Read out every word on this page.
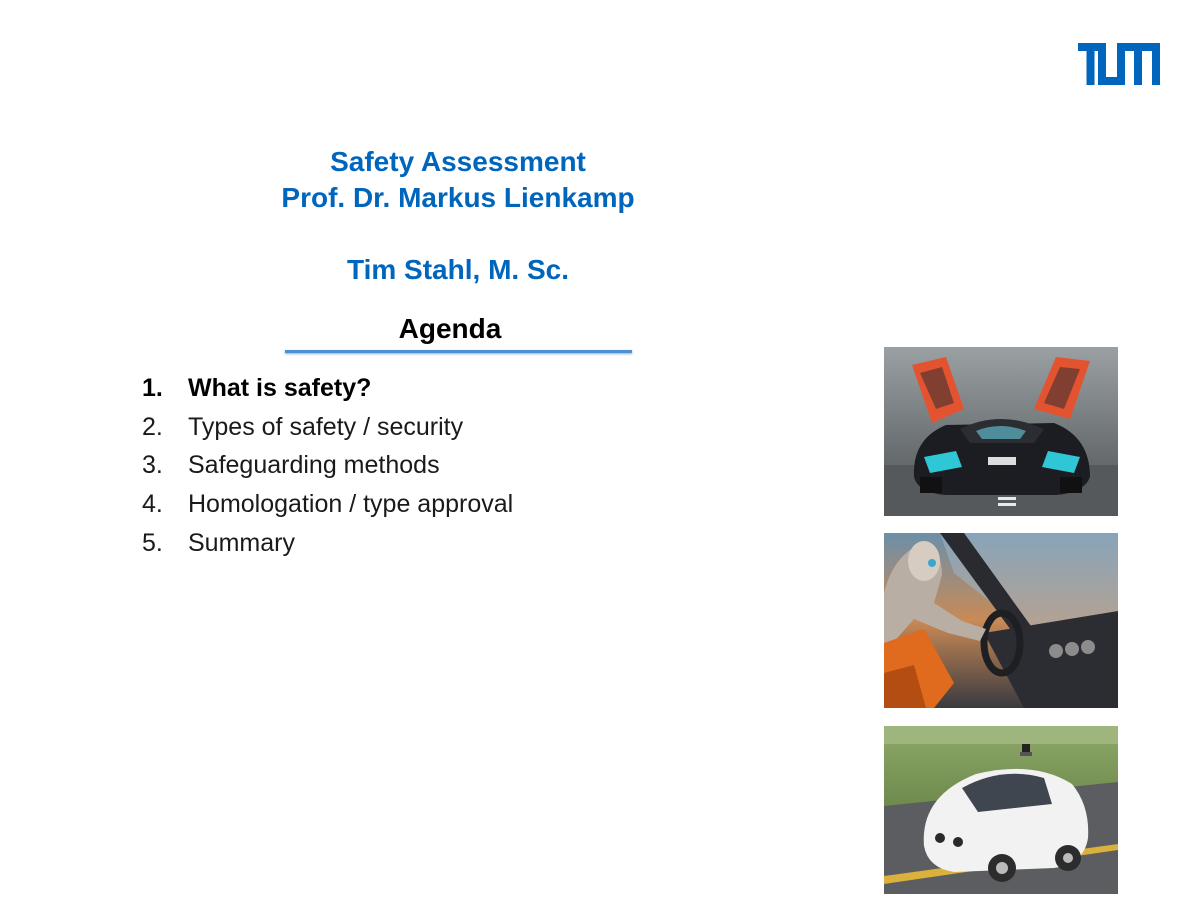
Safety Assessment
Prof. Dr. Markus Lienkamp
Tim Stahl, M. Sc.
Agenda
1. What is safety?
2. Types of safety / security
3. Safeguarding methods
4. Homologation / type approval
5. Summary
